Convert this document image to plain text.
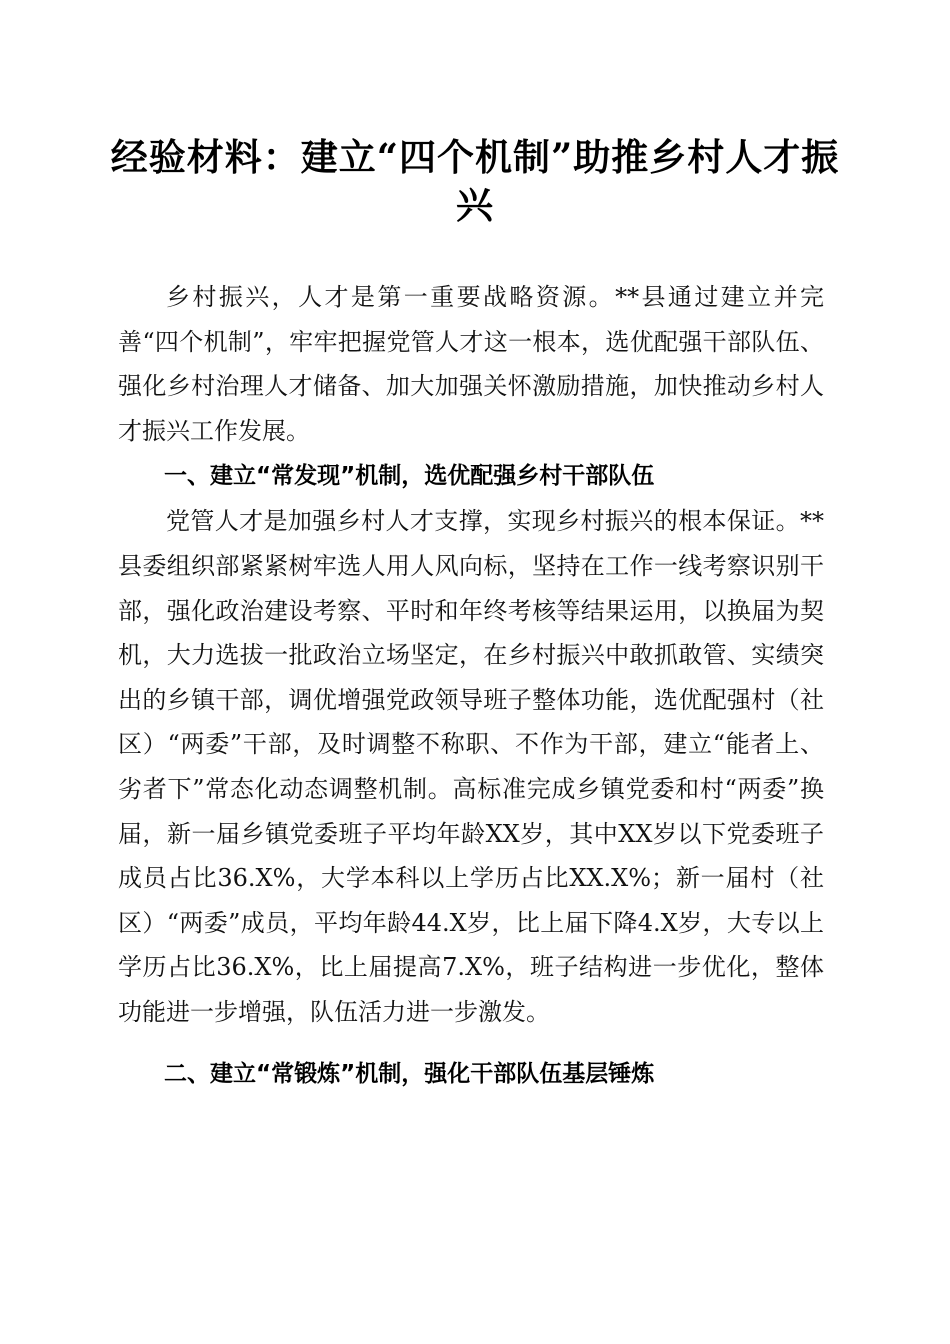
经验材料：建立“四个机制”助推乡村人才振兴

乡村振兴，人才是第一重要战略资源。**县通过建立并完善“四个机制”，牢牢把握党管人才这一根本，选优配强干部队伍、强化乡村治理人才储备、加大加强关怀激励措施，加快推动乡村人才振兴工作发展。

一、建立“常发现”机制，选优配强乡村干部队伍

党管人才是加强乡村人才支撑，实现乡村振兴的根本保证。**县委组织部紧紧树牢选人用人风向标，坚持在工作一线考察识别干部，强化政治建设考察、平时和年终考核等结果运用，以换届为契机，大力选拔一批政治立场坚定，在乡村振兴中敢抓敢管、实绩突出的乡镇干部，调优增强党政领导班子整体功能，选优配强村（社区）“两委”干部，及时调整不称职、不作为干部，建立“能者上、劣者下”常态化动态调整机制。高标准完成乡镇党委和村“两委”换届，新一届乡镇党委班子平均年龄XX岁，其中XX岁以下党委班子成员占比36.X%，大学本科以上学历占比XX.X%；新一届村（社区）“两委”成员，平均年龄44.X岁，比上届下降4.X岁，大专以上学历占比36.X%，比上届提高7.X%，班子结构进一步优化，整体功能进一步增强，队伍活力进一步激发。

二、建立“常锻炼”机制，强化干部队伍基层锤炼
